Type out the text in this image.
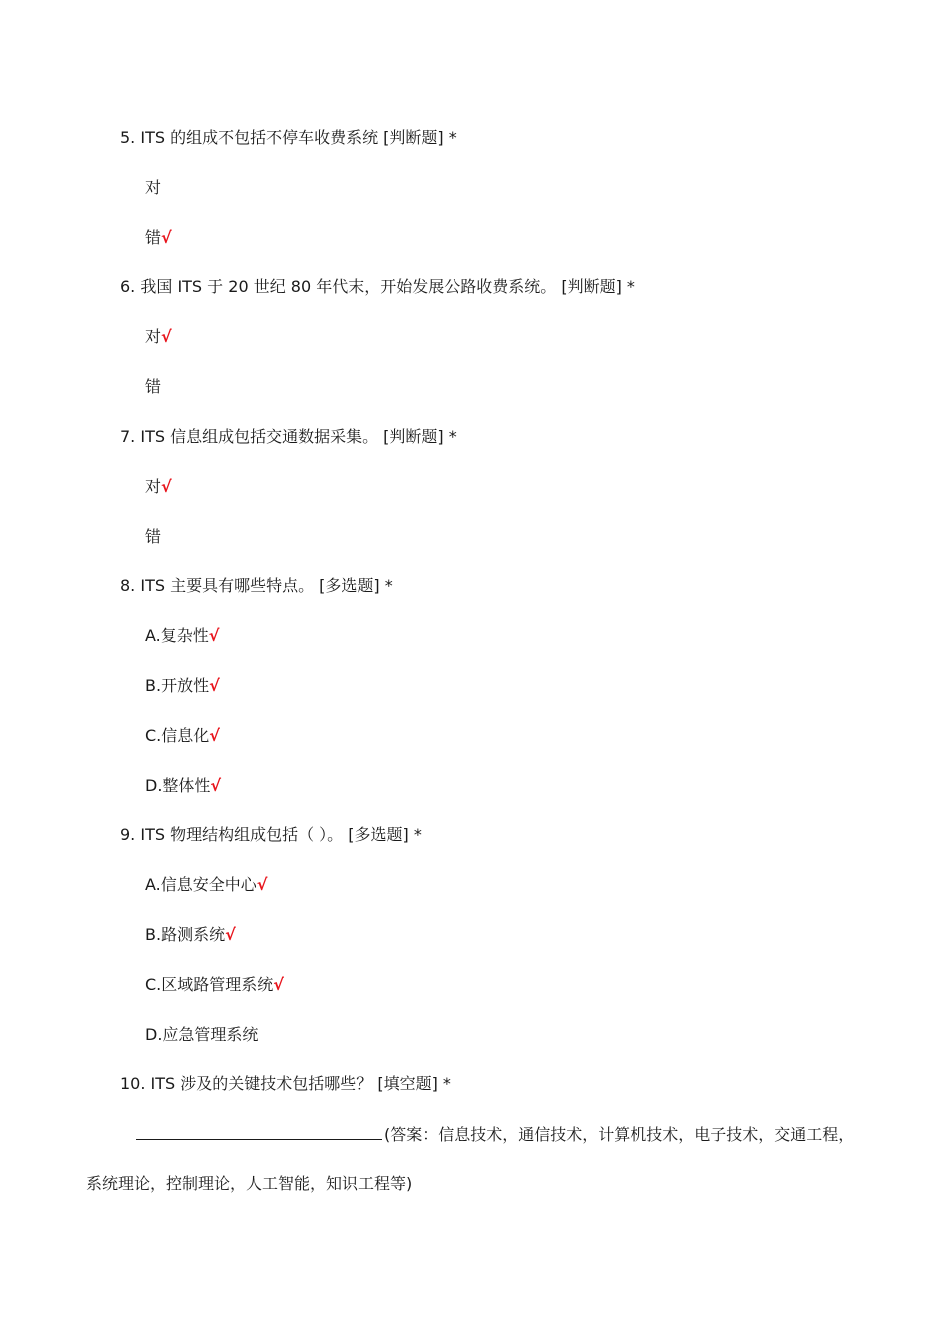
5. ITS 的组成不包括不停车收费系统 [判断题] *
对
错√
6. 我国 ITS 于 20 世纪 80 年代末，开始发展公路收费系统。 [判断题] *
对√
错
7. ITS 信息组成包括交通数据采集。 [判断题] *
对√
错
8. ITS 主要具有哪些特点。 [多选题] *
A.复杂性√
B.开放性√
C.信息化√
D.整体性√
9. ITS 物理结构组成包括（ ）。 [多选题] *
A.信息安全中心√
B.路测系统√
C.区域路管理系统√
D.应急管理系统
10. ITS 涉及的关键技术包括哪些？ [填空题] *
(答案：信息技术，通信技术，计算机技术，电子技术，交通工程，
系统理论，控制理论，人工智能，知识工程等)
